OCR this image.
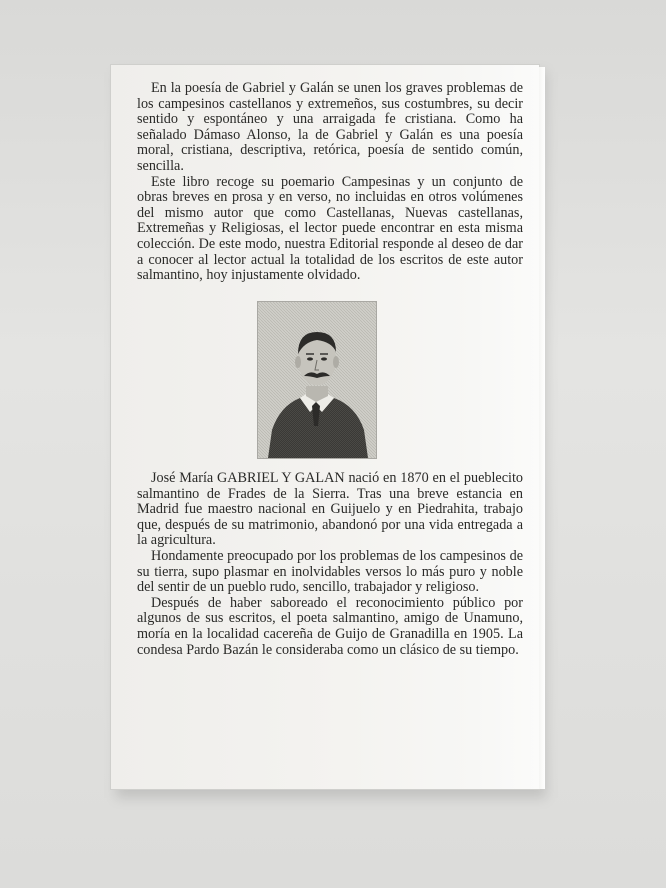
En la poesía de Gabriel y Galán se unen los graves problemas de los campesinos castellanos y extremeños, sus costumbres, su decir sentido y espontáneo y una arraigada fe cristiana. Como ha señalado Dámaso Alonso, la de Gabriel y Galán es una poesía moral, cristiana, descriptiva, retórica, poesía de sentido común, sencilla.

Este libro recoge su poemario Campesinas y un conjunto de obras breves en prosa y en verso, no incluidas en otros volúmenes del mismo autor que como Castellanas, Nuevas castellanas, Extremeñas y Religiosas, el lector puede encontrar en esta misma colección. De este modo, nuestra Editorial responde al deseo de dar a conocer al lector actual la totalidad de los escritos de este autor salmantino, hoy injustamente olvidado.

José María GABRIEL Y GALAN nació en 1870 en el pueblecito salmantino de Frades de la Sierra. Tras una breve estancia en Madrid fue maestro nacional en Guijuelo y en Piedrahita, trabajo que, después de su matrimonio, abandonó por una vida entregada a la agricultura.

Hondamente preocupado por los problemas de los campesinos de su tierra, supo plasmar en inolvidables versos lo más puro y noble del sentir de un pueblo rudo, sencillo, trabajador y religioso.

Después de haber saboreado el reconocimiento público por algunos de sus escritos, el poeta salmantino, amigo de Unamuno, moría en la localidad cacereña de Guijo de Granadilla en 1905. La condesa Pardo Bazán le consideraba como un clásico de su tiempo.
